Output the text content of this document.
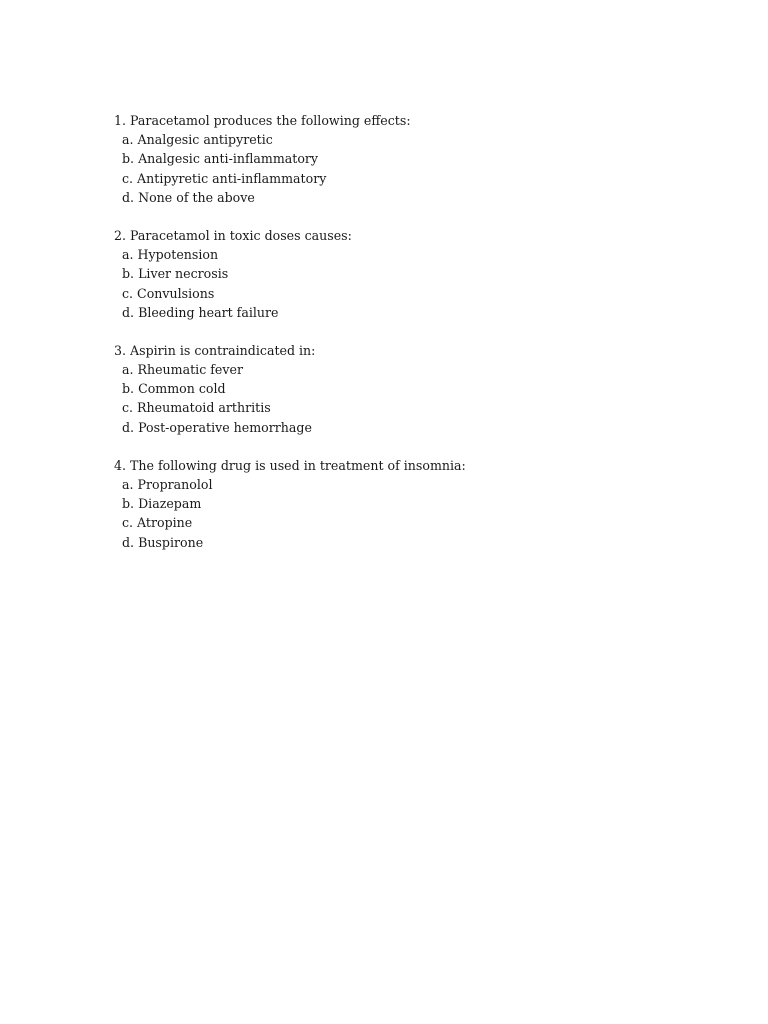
1. Paracetamol produces the following effects:
a. Analgesic antipyretic
b. Analgesic anti-inflammatory
c. Antipyretic anti-inflammatory
d. None of the above
2. Paracetamol in toxic doses causes:
a. Hypotension
b. Liver necrosis
c. Convulsions
d. Bleeding heart failure
3. Aspirin is contraindicated in:
a. Rheumatic fever
b. Common cold
c. Rheumatoid arthritis
d. Post-operative hemorrhage
4. The following drug is used in treatment of insomnia:
a. Propranolol
b. Diazepam
c. Atropine
d. Buspirone
